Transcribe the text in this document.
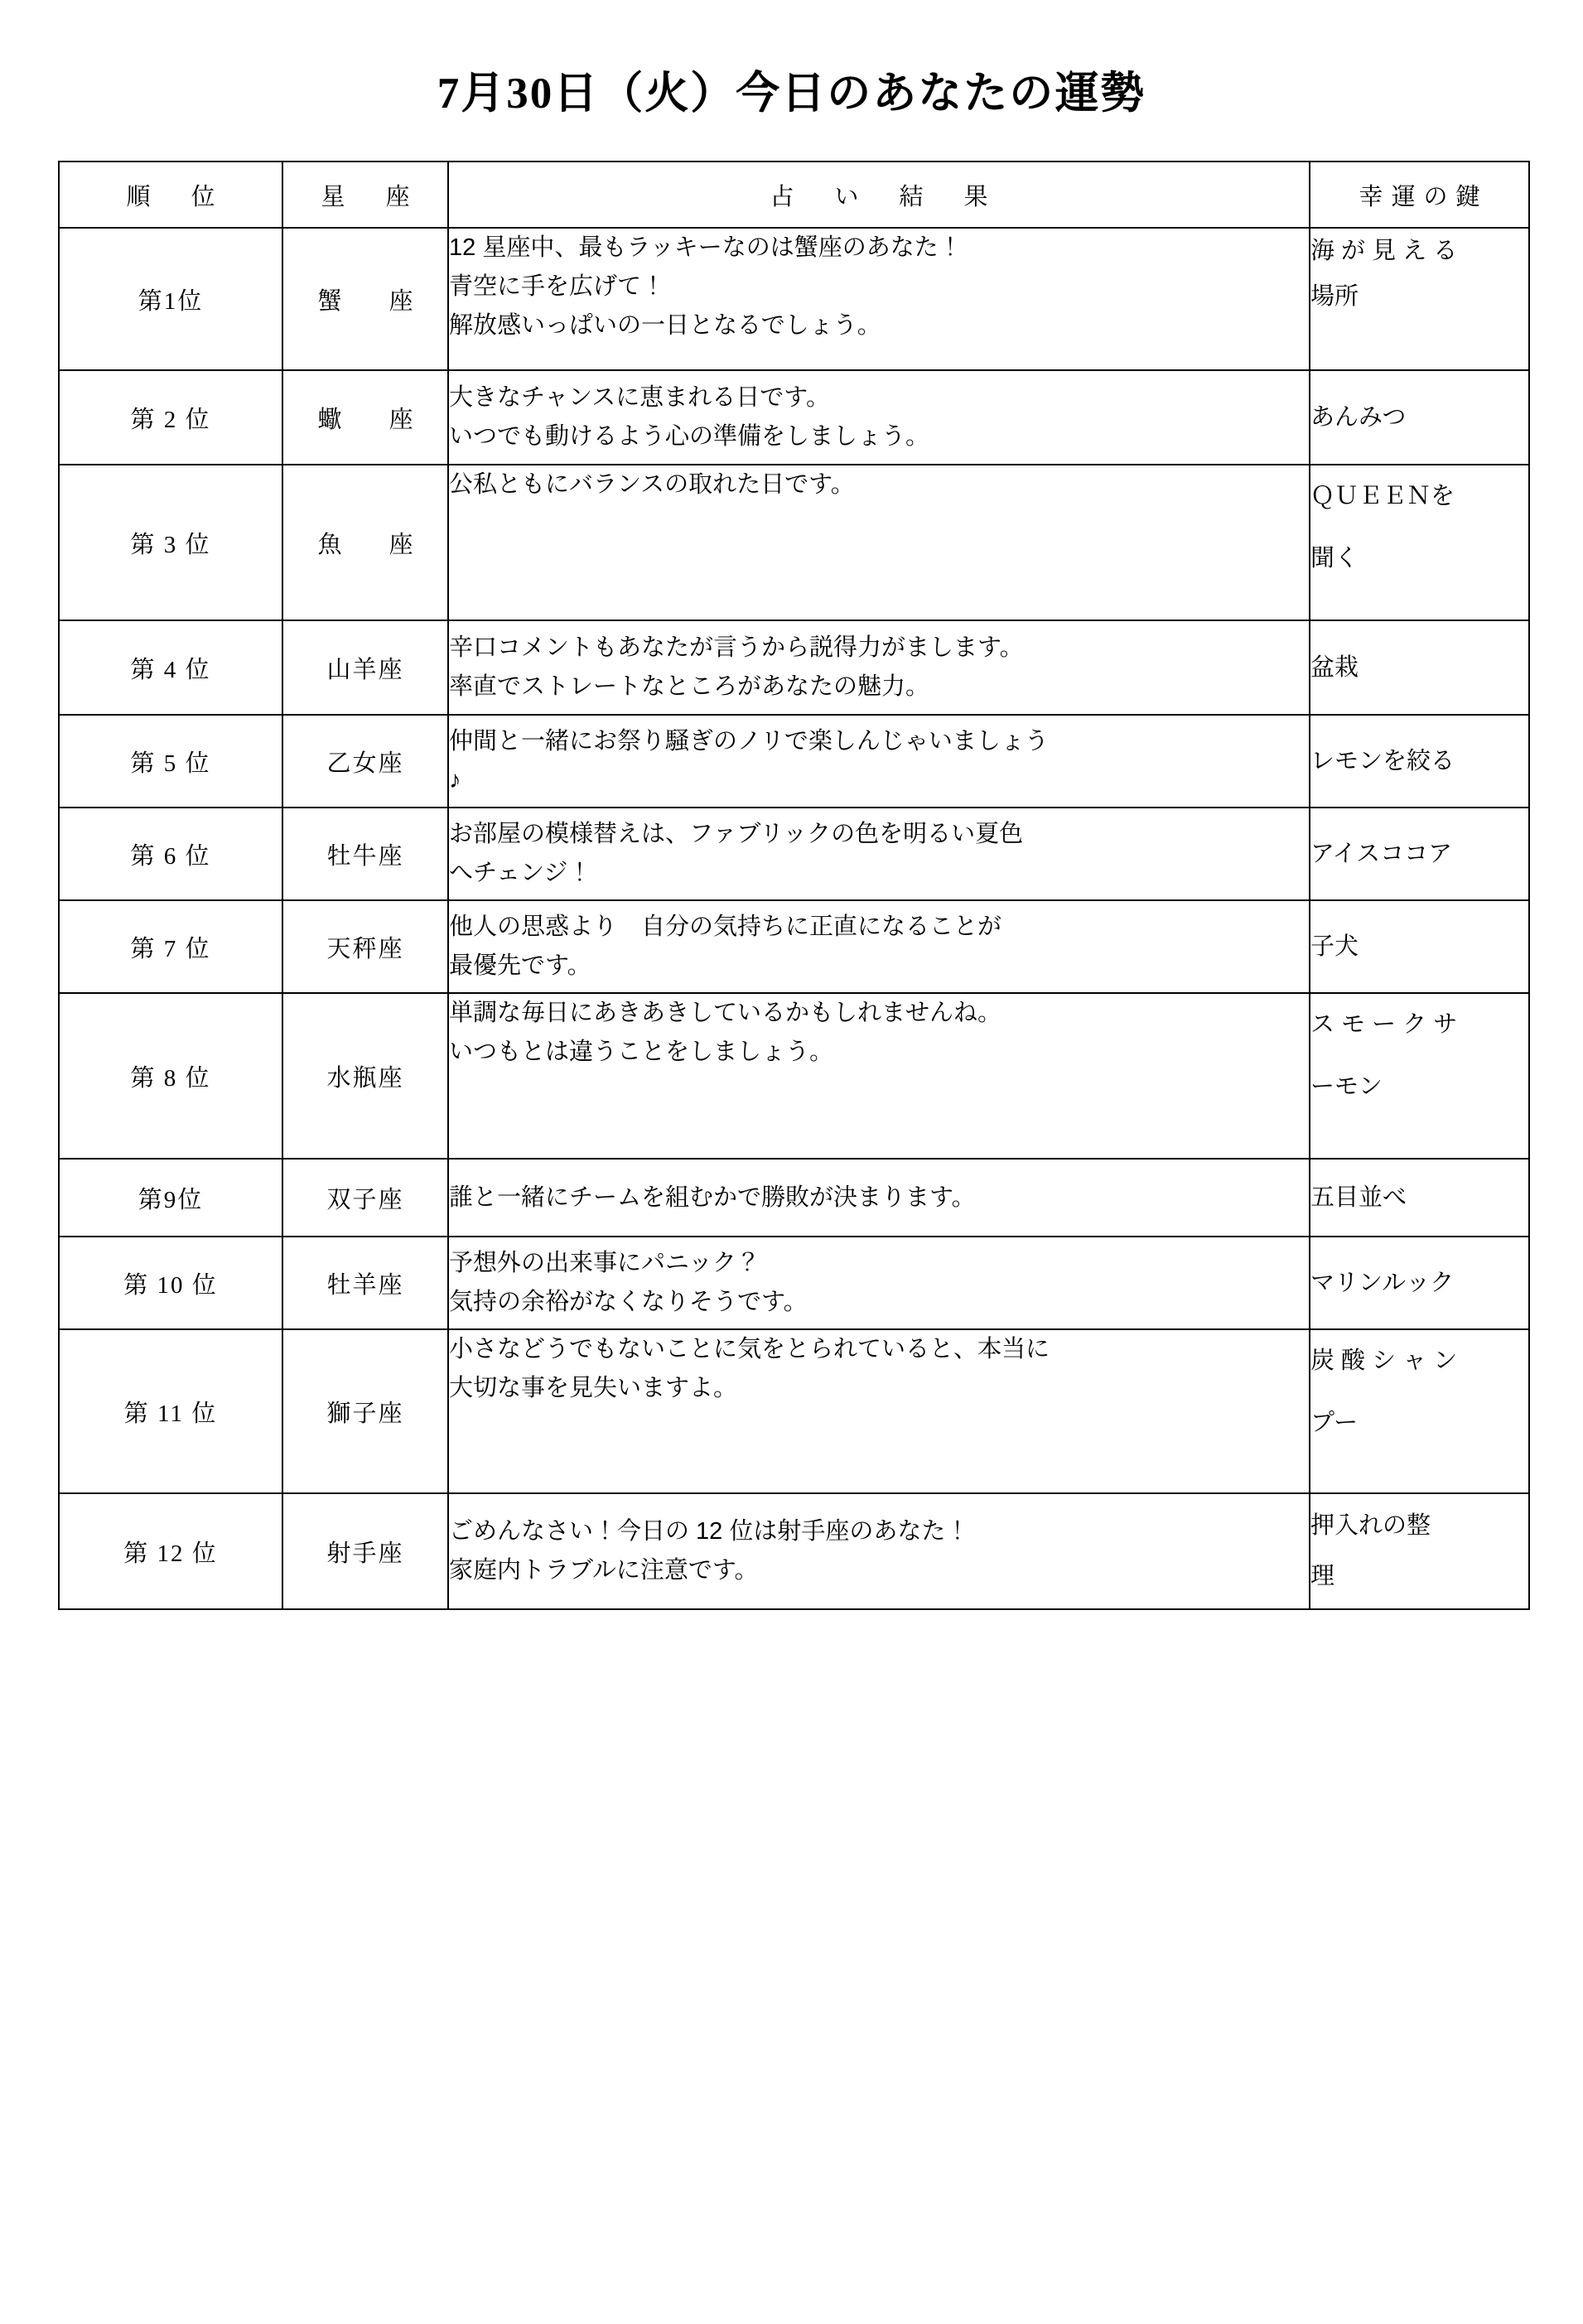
7月30日（火）今日のあなたの運勢
順　位	星　座	占　い　結　果	幸運の鍵
第1位	蟹　座	12 星座中、最もラッキーなのは蟹座のあなた！
青空に手を広げて！
解放感いっぱいの一日となるでしょう。	海 が 見 え る
場所

第 2 位	蠍　座	大きなチャンスに恵まれる日です。
いつでも動けるよう心の準備をしましょう。	あんみつ

第 3 位	魚　座	公私ともにバランスの取れた日です。	ＱＵＥＥＮを
聞く

第 4 位	山羊座	辛口コメントもあなたが言うから説得力がまします。
率直でストレートなところがあなたの魅力。	盆栽

第 5 位	乙女座	仲間と一緒にお祭り騒ぎのノリで楽しんじゃいましょう
♪	レモンを絞る

第 6 位	牡牛座	お部屋の模様替えは、ファブリックの色を明るい夏色
へチェンジ！	アイスココア

第 7 位	天秤座	他人の思惑より　自分の気持ちに正直になることが
最優先です。	子犬

第 8 位	水瓶座	単調な毎日にあきあきしているかもしれませんね。
いつもとは違うことをしましょう。	ス モ ー ク サ
ーモン

第9位	双子座	誰と一緒にチームを組むかで勝敗が決まります。	五目並べ

第 10 位	牡羊座	予想外の出来事にパニック？
気持の余裕がなくなりそうです。	マリンルック

第 11 位	獅子座	小さなどうでもないことに気をとられていると、本当に
大切な事を見失いますよ。	炭 酸 シ ャ ン
プー

第 12 位	射手座	ごめんなさい！今日の 12 位は射手座のあなた！
家庭内トラブルに注意です。	押入れの整
理
